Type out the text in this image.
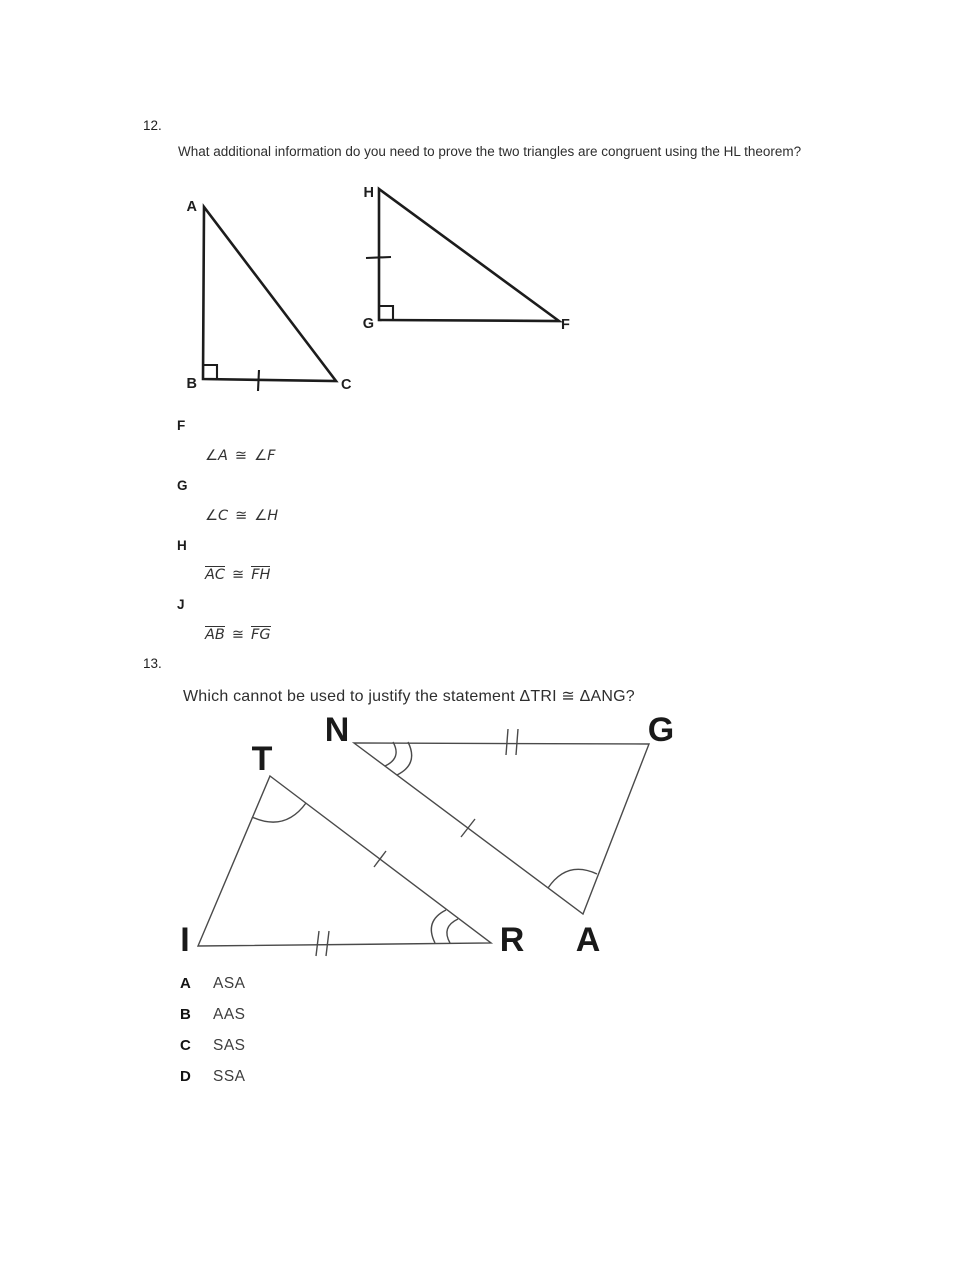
12.
What additional information do you need to prove the two triangles are congruent using the HL theorem?
A
B	C
H
G	F
F
∠A ≅ ∠F
G
∠C ≅ ∠H
H
AC ≅ FH
J
AB ≅ FG
13.
Which cannot be used to justify the statement ΔTRI ≅ ΔANG?
T
N	G
I	R A
A ASA
B AAS
C SAS
D SSA
